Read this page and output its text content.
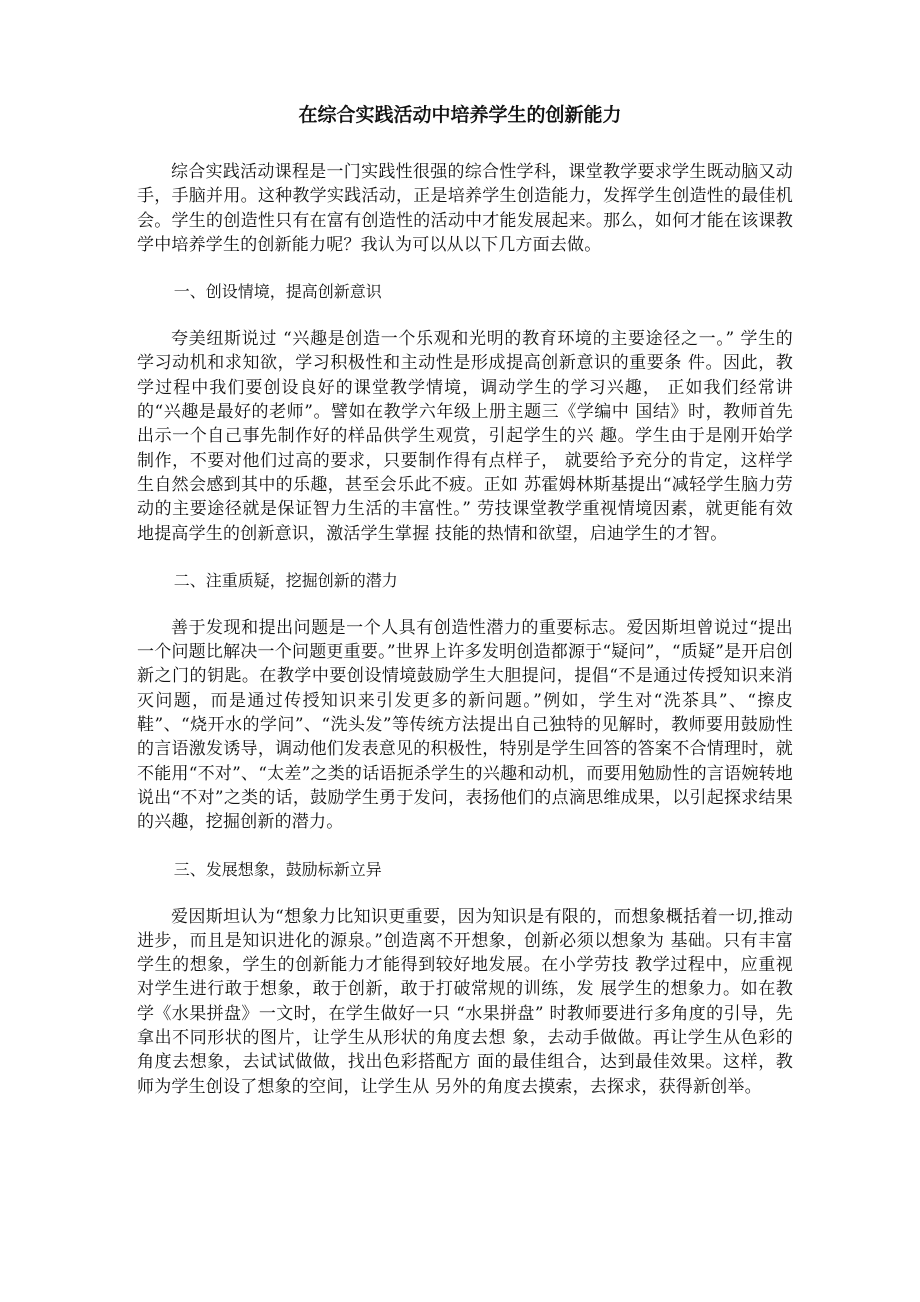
在综合实践活动中培养学生的创新能力

综合实践活动课程是一门实践性很强的综合性学科，课堂教学要求学生既动脑又动手，手脑并用。这种教学实践活动，正是培养学生创造能力，发挥学生创造性的最佳机会。学生的创造性只有在富有创造性的活动中才能发展起来。那么，如何才能在该课教学中培养学生的创新能力呢？我认为可以从以下几方面去做。

一、创设情境，提高创新意识

夸美纽斯说过 “兴趣是创造一个乐观和光明的教育环境的主要途径之一。” 学生的学习动机和求知欲，学习积极性和主动性是形成提高创新意识的重要条 件。因此，教学过程中我们要创设良好的课堂教学情境，调动学生的学习兴趣， 正如我们经常讲的“兴趣是最好的老师”。譬如在教学六年级上册主题三《学编中 国结》时，教师首先出示一个自己事先制作好的样品供学生观赏，引起学生的兴 趣。学生由于是刚开始学制作，不要对他们过高的要求，只要制作得有点样子， 就要给予充分的肯定，这样学生自然会感到其中的乐趣，甚至会乐此不疲。正如 苏霍姆林斯基提出“减轻学生脑力劳动的主要途径就是保证智力生活的丰富性。” 劳技课堂教学重视情境因素，就更能有效地提高学生的创新意识，激活学生掌握 技能的热情和欲望，启迪学生的才智。

二、注重质疑，挖掘创新的潜力

善于发现和提出问题是一个人具有创造性潜力的重要标志。爱因斯坦曾说过“提出一个问题比解决一个问题更重要。”世界上许多发明创造都源于“疑问”，“质疑”是开启创新之门的钥匙。在教学中要创设情境鼓励学生大胆提问，提倡“不是通过传授知识来消灭问题，而是通过传授知识来引发更多的新问题。”例如，学生对“洗茶具”、“擦皮鞋”、“烧开水的学问”、“洗头发”等传统方法提出自己独特的见解时，教师要用鼓励性的言语激发诱导，调动他们发表意见的积极性，特别是学生回答的答案不合情理时，就不能用“不对”、“太差”之类的话语扼杀学生的兴趣和动机，而要用勉励性的言语婉转地说出“不对”之类的话，鼓励学生勇于发问，表扬他们的点滴思维成果，以引起探求结果的兴趣，挖掘创新的潜力。

三、发展想象，鼓励标新立异

爱因斯坦认为“想象力比知识更重要，因为知识是有限的，而想象概括着一切,推动进步，而且是知识进化的源泉。”创造离不开想象，创新必须以想象为 基础。只有丰富学生的想象，学生的创新能力才能得到较好地发展。在小学劳技 教学过程中，应重视对学生进行敢于想象，敢于创新，敢于打破常规的训练，发 展学生的想象力。如在教学《水果拼盘》一文时，在学生做好一只 “水果拼盘” 时教师要进行多角度的引导，先拿出不同形状的图片，让学生从形状的角度去想 象，去动手做做。再让学生从色彩的角度去想象，去试试做做，找出色彩搭配方 面的最佳组合，达到最佳效果。这样，教师为学生创设了想象的空间，让学生从 另外的角度去摸索，去探求，获得新创举。
